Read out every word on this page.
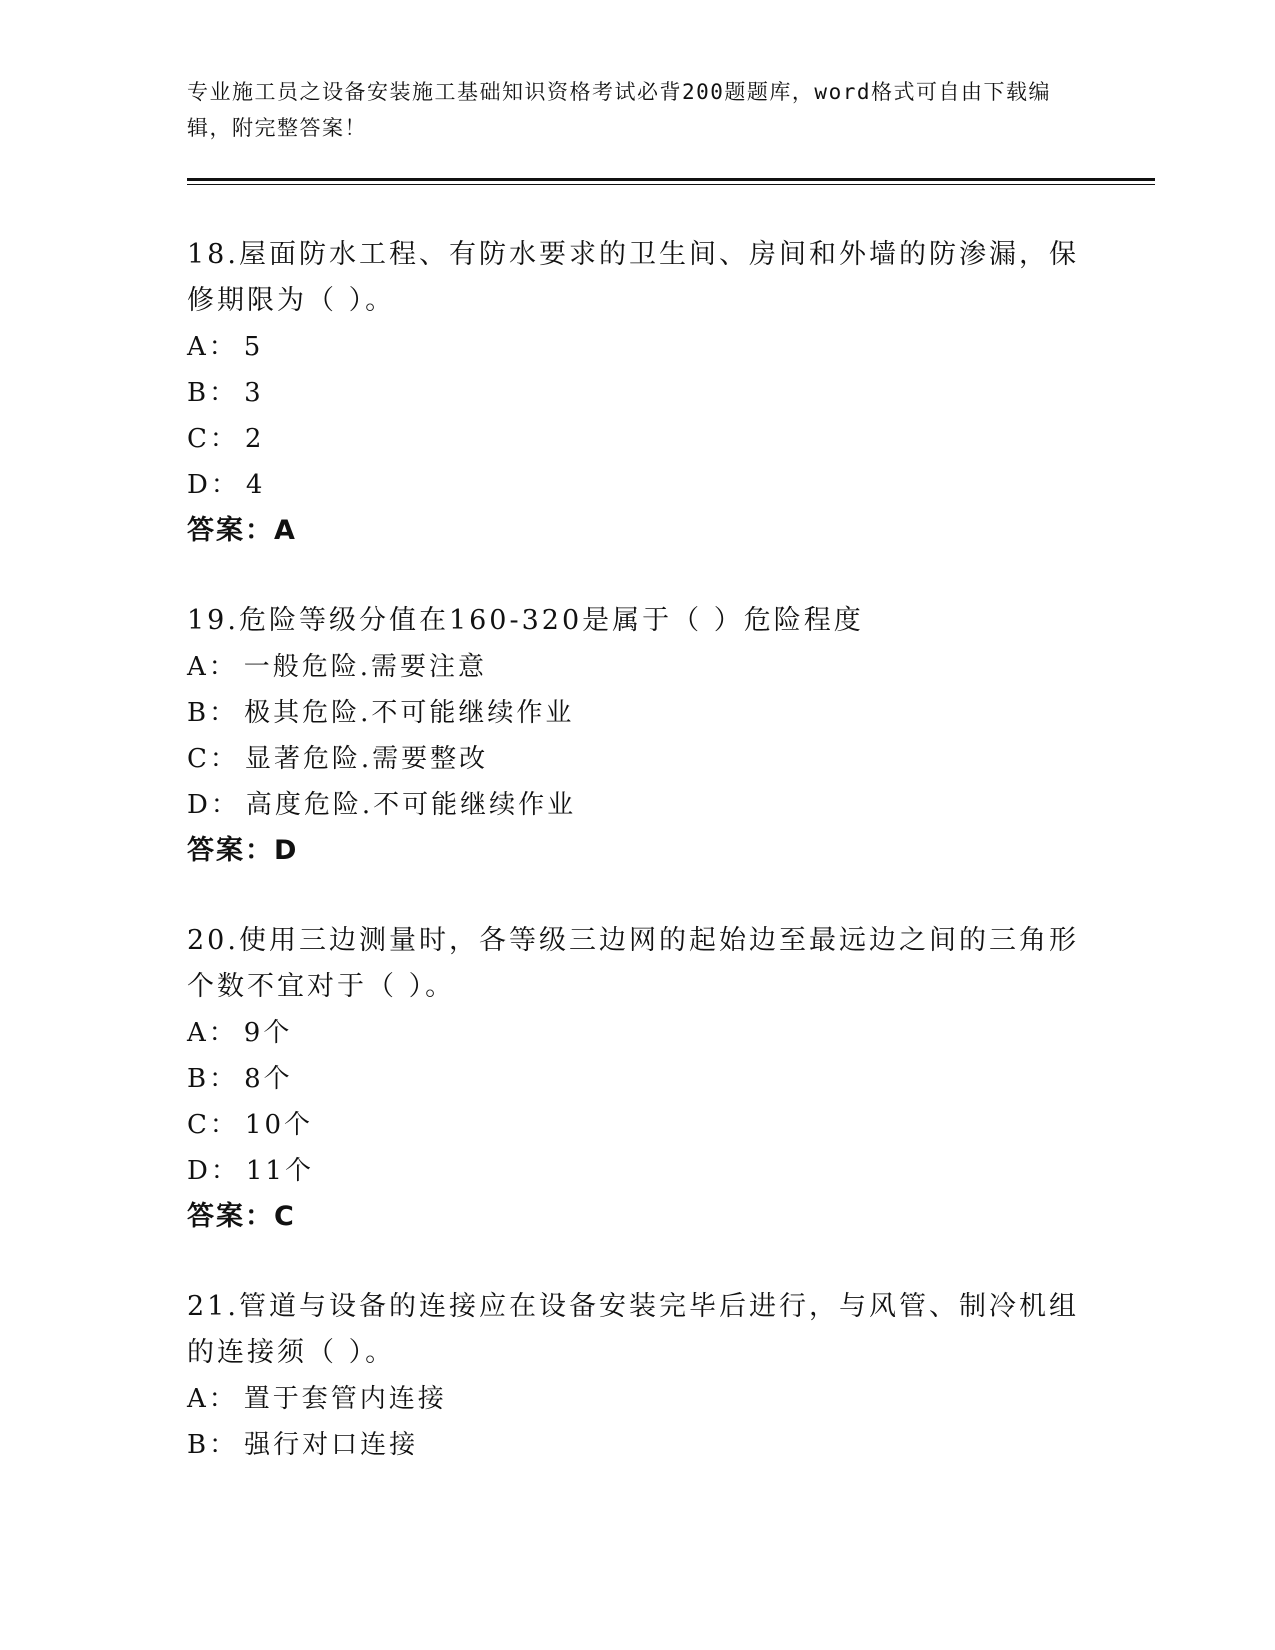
专业施工员之设备安装施工基础知识资格考试必背200题题库，word格式可自由下载编辑，附完整答案！
18.屋面防水工程、有防水要求的卫生间、房间和外墙的防渗漏，保修期限为（ ）。
A： 5
B： 3
C： 2
D： 4
答案：A
19.危险等级分值在160-320是属于（ ）危险程度
A： 一般危险.需要注意
B： 极其危险.不可能继续作业
C： 显著危险.需要整改
D： 高度危险.不可能继续作业
答案：D
20.使用三边测量时，各等级三边网的起始边至最远边之间的三角形个数不宜对于（ ）。
A： 9个
B： 8个
C： 10个
D： 11个
答案：C
21.管道与设备的连接应在设备安装完毕后进行，与风管、制冷机组的连接须（ ）。
A： 置于套管内连接
B： 强行对口连接
